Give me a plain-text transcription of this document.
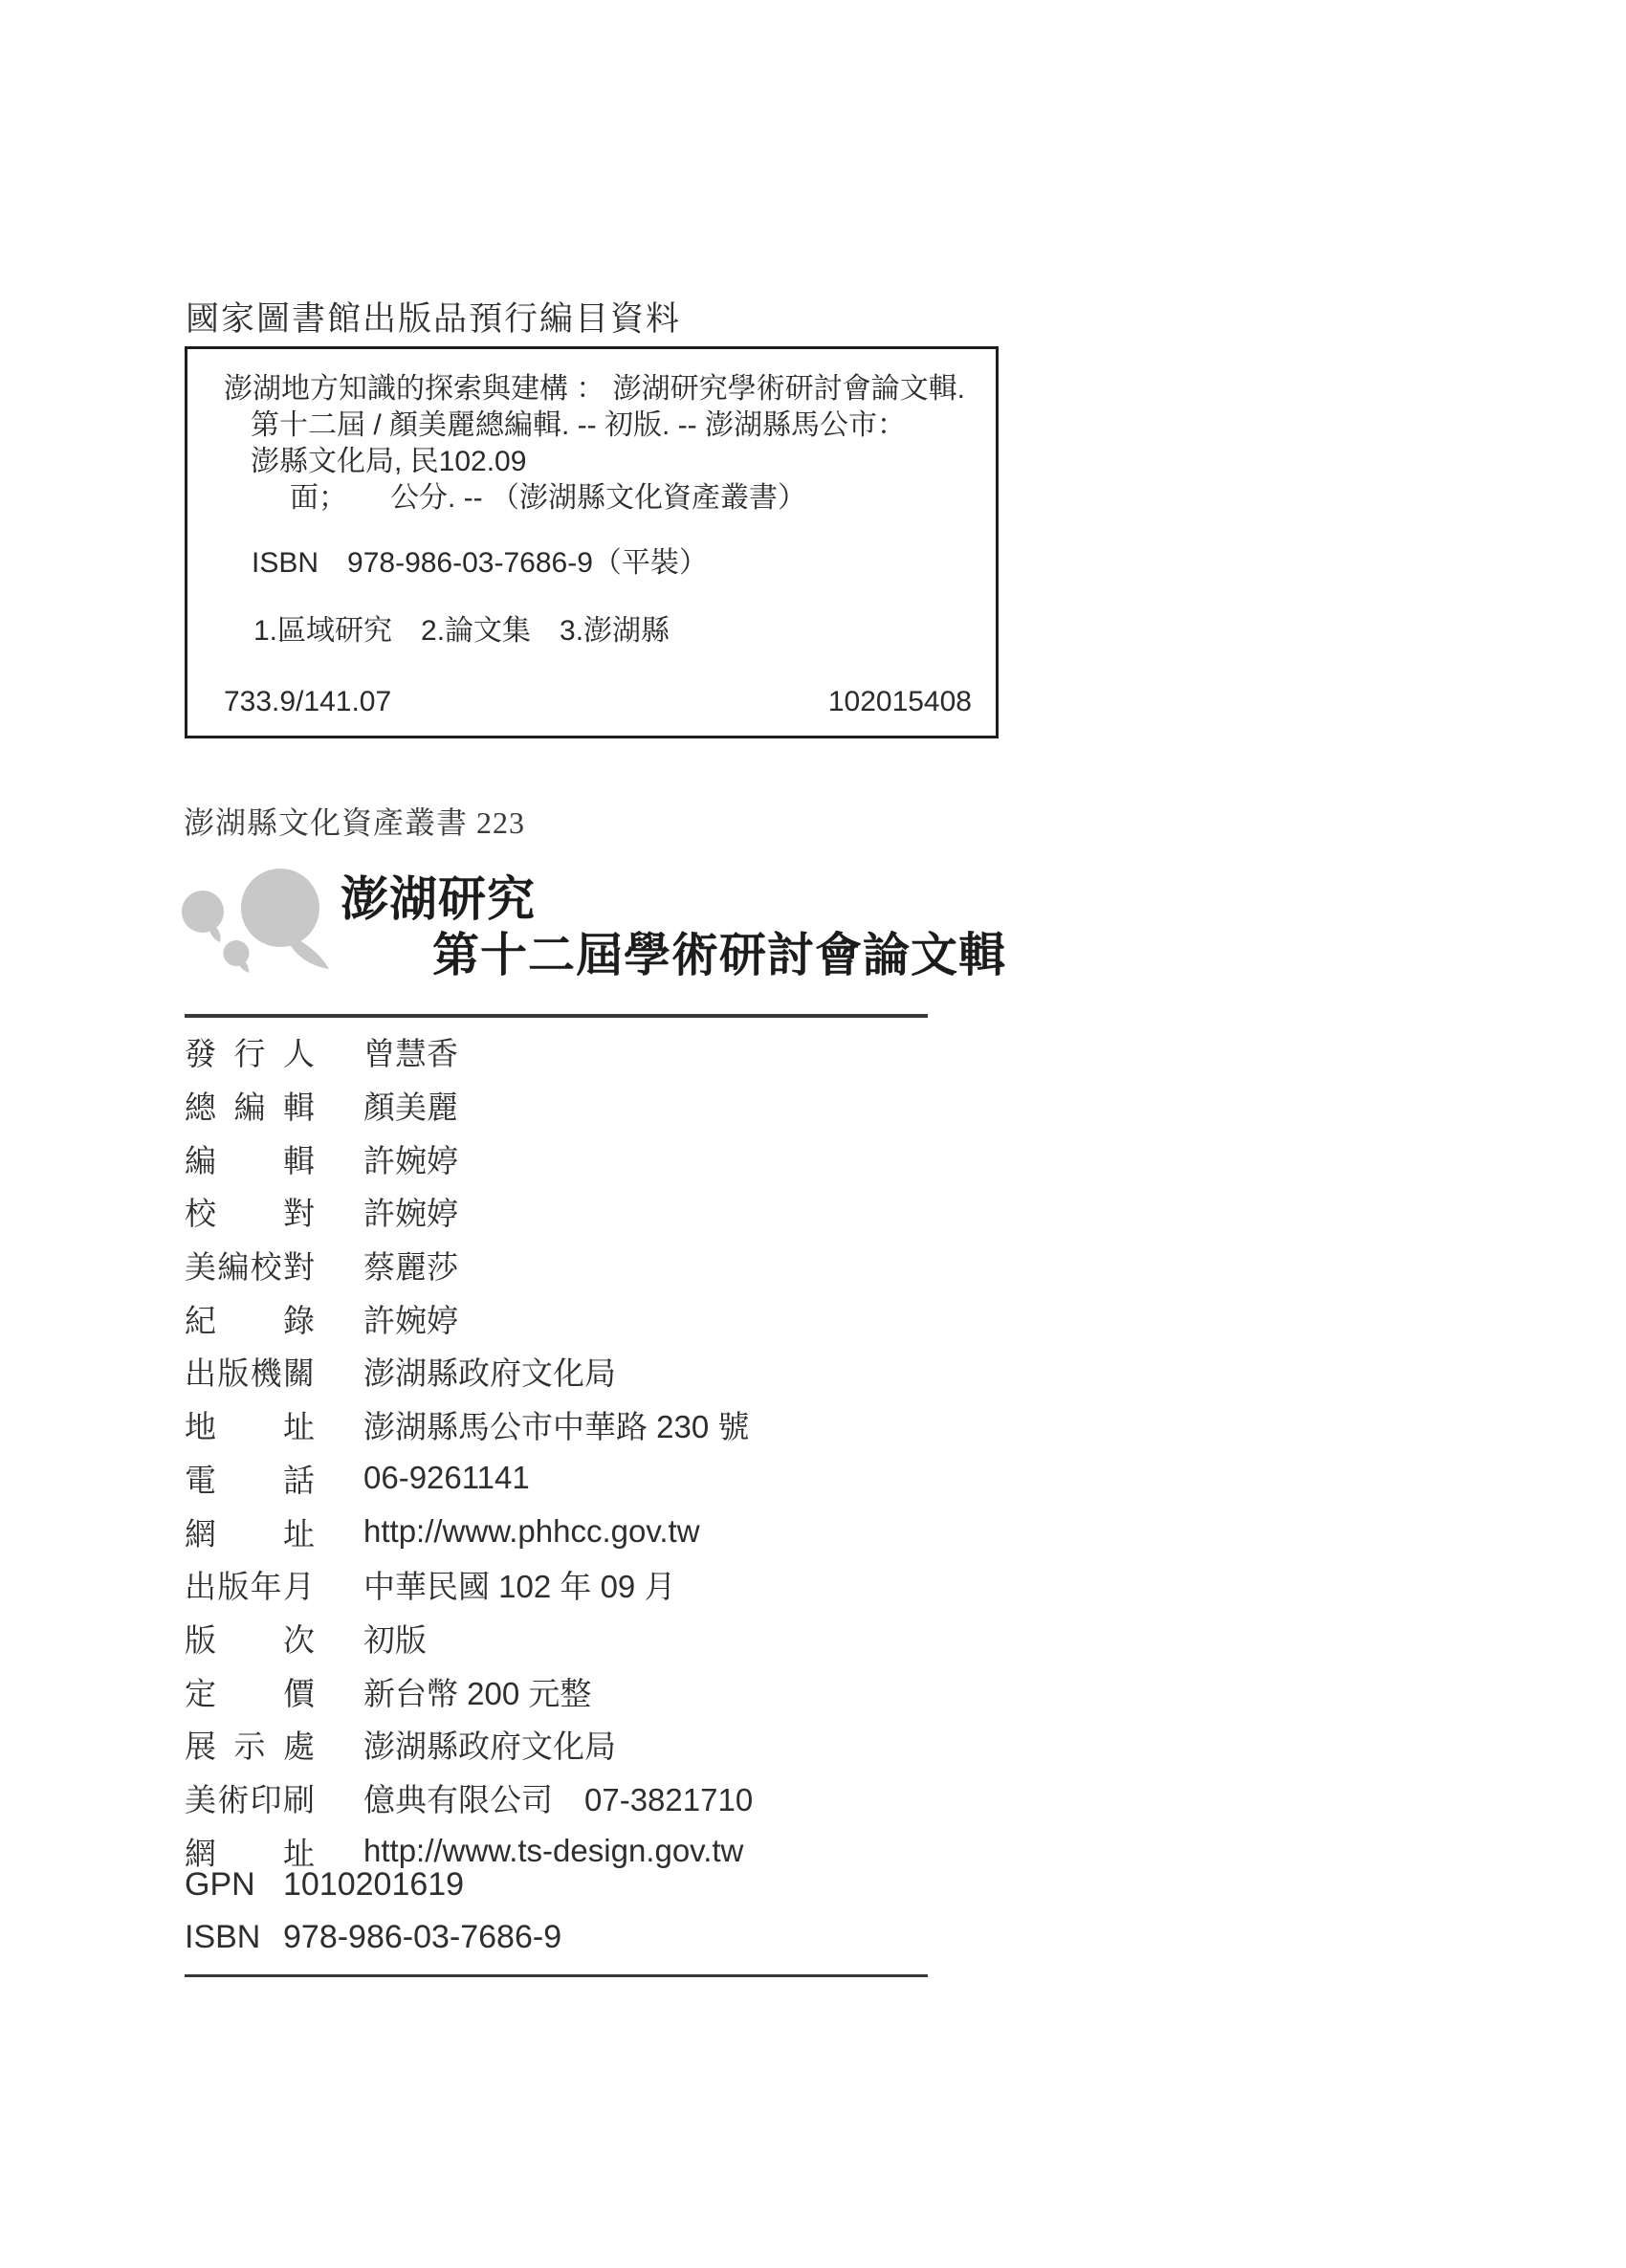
國家圖書館出版品預行編目資料
澎湖地方知識的探索與建構 ： 澎湖研究學術研討會論文輯.
第十二屆 / 顏美麗總編輯. -- 初版. -- 澎湖縣馬公市：
澎縣文化局, 民102.09
面；　　公分. -- （澎湖縣文化資產叢書）
ISBN　978-986-03-7686-9（平裝）
1.區域研究　2.論文集　3.澎湖縣
733.9/141.07	102015408
澎湖縣文化資產叢書 223
澎湖研究
第十二屆學術研討會論文輯
發行人 曾慧香
總編輯 顏美麗
編輯 許婉婷
校對 許婉婷
美編校對 蔡麗莎
紀錄 許婉婷
出版機關 澎湖縣政府文化局
地址 澎湖縣馬公市中華路 230 號
電話 06-9261141
網址 http://www.phhcc.gov.tw
出版年月 中華民國 102 年 09 月
版次 初版
定價 新台幣 200 元整
展示處 澎湖縣政府文化局
美術印刷 億典有限公司　07-3821710
網址 http://www.ts-design.gov.tw
GPN 1010201619
ISBN 978-986-03-7686-9
